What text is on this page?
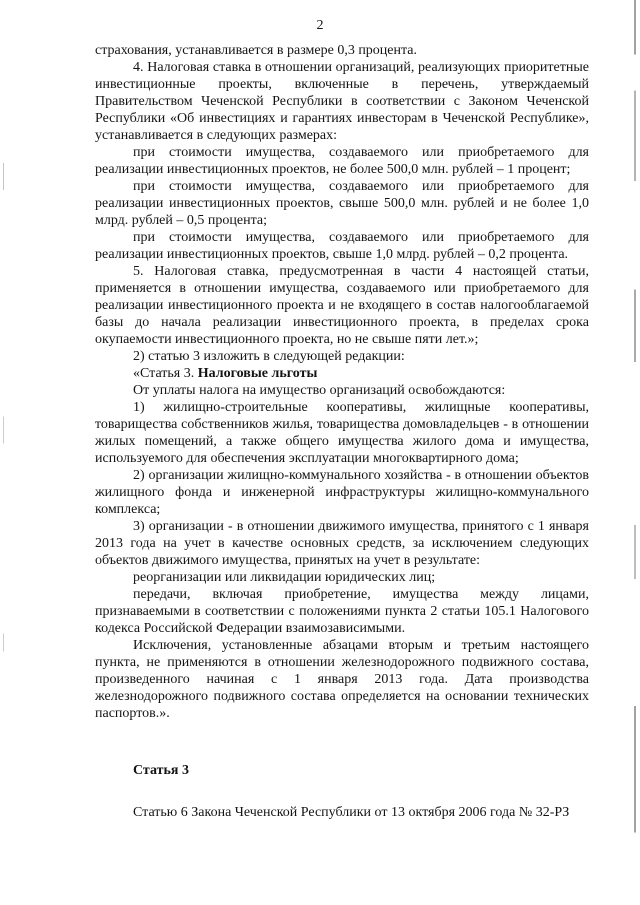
2

страхования, устанавливается в размере 0,3 процента.

4. Налоговая ставка в отношении организаций, реализующих приоритетные инвестиционные проекты, включенные в перечень, утверждаемый Правительством Чеченской Республики в соответствии с Законом Чеченской Республики «Об инвестициях и гарантиях инвесторам в Чеченской Республике», устанавливается в следующих размерах:

при стоимости имущества, создаваемого или приобретаемого для реализации инвестиционных проектов, не более 500,0 млн. рублей – 1 процент;

при стоимости имущества, создаваемого или приобретаемого для реализации инвестиционных проектов, свыше 500,0 млн. рублей и не более 1,0 млрд. рублей – 0,5 процента;

при стоимости имущества, создаваемого или приобретаемого для реализации инвестиционных проектов, свыше 1,0 млрд. рублей – 0,2 процента.

5. Налоговая ставка, предусмотренная в части 4 настоящей статьи, применяется в отношении имущества, создаваемого или приобретаемого для реализации инвестиционного проекта и не входящего в состав налогооблагаемой базы до начала реализации инвестиционного проекта, в пределах срока окупаемости инвестиционного проекта, но не свыше пяти лет.»;

2) статью 3 изложить в следующей редакции:

«Статья 3. Налоговые льготы

От уплаты налога на имущество организаций освобождаются:

1) жилищно-строительные кооперативы, жилищные кооперативы, товарищества собственников жилья, товарищества домовладельцев - в отношении жилых помещений, а также общего имущества жилого дома и имущества, используемого для обеспечения эксплуатации многоквартирного дома;

2) организации жилищно-коммунального хозяйства - в отношении объектов жилищного фонда и инженерной инфраструктуры жилищно-коммунального комплекса;

3) организации - в отношении движимого имущества, принятого с 1 января 2013 года на учет в качестве основных средств, за исключением следующих объектов движимого имущества, принятых на учет в результате:

реорганизации или ликвидации юридических лиц;

передачи, включая приобретение, имущества между лицами, признаваемыми в соответствии с положениями пункта 2 статьи 105.1 Налогового кодекса Российской Федерации взаимозависимыми.

Исключения, установленные абзацами вторым и третьим настоящего пункта, не применяются в отношении железнодорожного подвижного состава, произведенного начиная с 1 января 2013 года. Дата производства железнодорожного подвижного состава определяется на основании технических паспортов.».

Статья 3

Статью 6 Закона Чеченской Республики от 13 октября 2006 года № 32-РЗ
